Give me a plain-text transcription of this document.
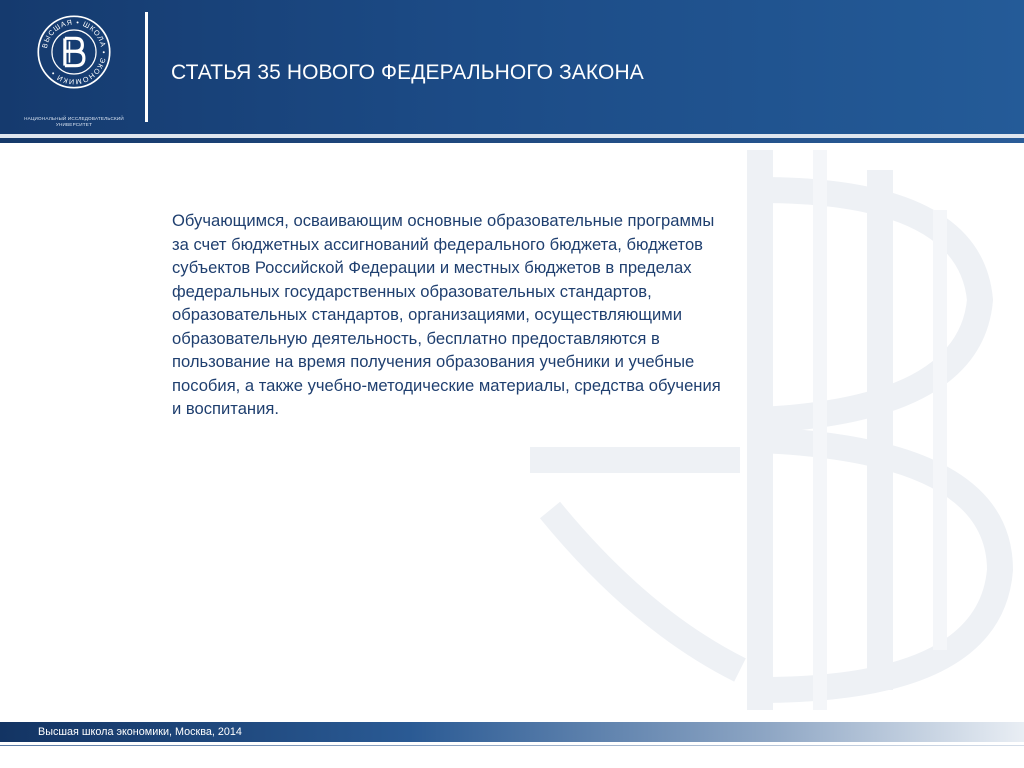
ВЫСШАЯ • ШКОЛА • ЭКОНОМИКИ •
НАЦИОНАЛЬНЫЙ ИССЛЕДОВАТЕЛЬСКИЙ
УНИВЕРСИТЕТ
СТАТЬЯ 35 НОВОГО ФЕДЕРАЛЬНОГО ЗАКОНА
Обучающимся, осваивающим основные образовательные программы
за счет бюджетных ассигнований федерального бюджета, бюджетов
субъектов Российской Федерации и местных бюджетов в пределах
федеральных государственных образовательных стандартов,
образовательных стандартов, организациями, осуществляющими
образовательную деятельность, бесплатно предоставляются в
пользование на время получения образования учебники и учебные
пособия, а также учебно-методические материалы, средства обучения
и воспитания.
Высшая школа экономики, Москва, 2014
